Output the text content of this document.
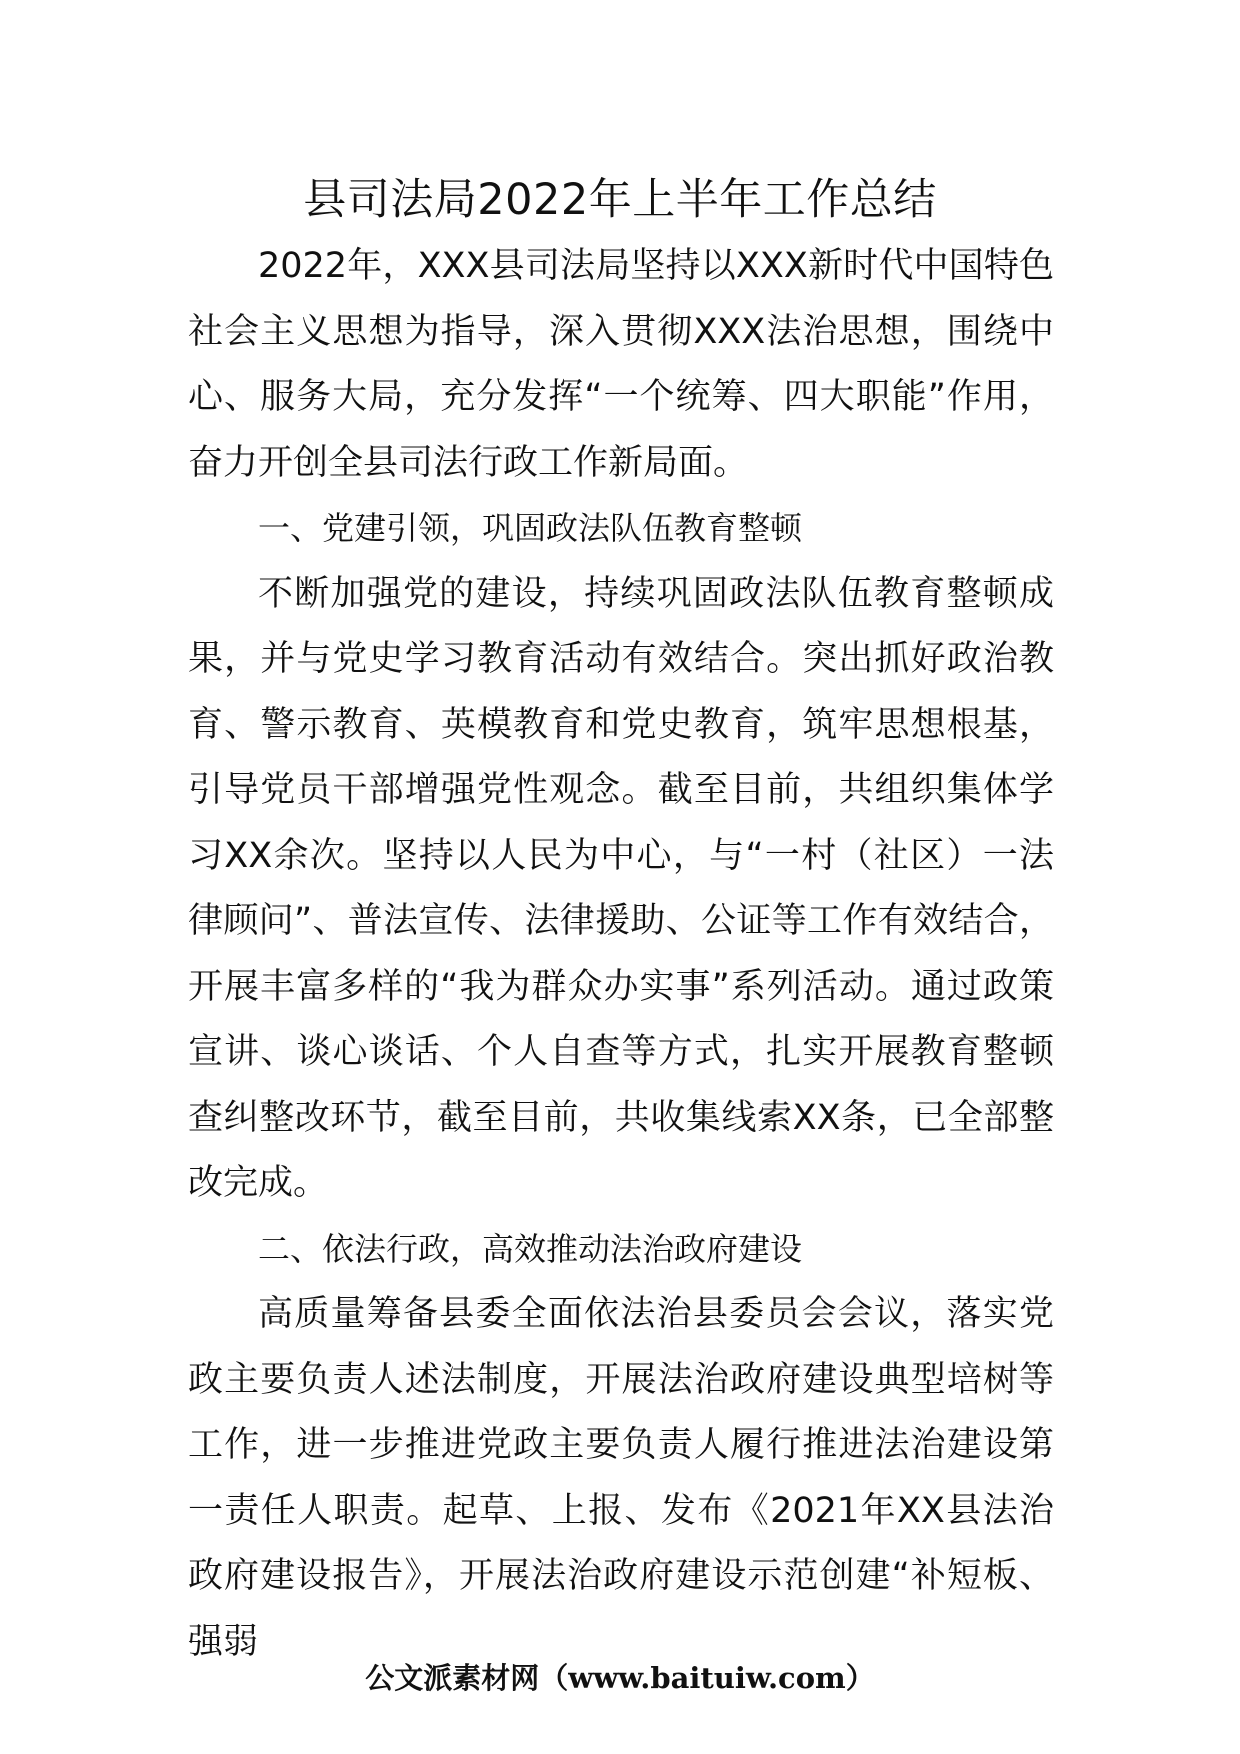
县司法局2022年上半年工作总结

2022年，XXX县司法局坚持以XXX新时代中国特色社会主义思想为指导，深入贯彻XXX法治思想，围绕中心、服务大局，充分发挥“一个统筹、四大职能”作用，奋力开创全县司法行政工作新局面。

一、党建引领，巩固政法队伍教育整顿

不断加强党的建设，持续巩固政法队伍教育整顿成果，并与党史学习教育活动有效结合。突出抓好政治教育、警示教育、英模教育和党史教育，筑牢思想根基，引导党员干部增强党性观念。截至目前，共组织集体学习XX余次。坚持以人民为中心，与“一村（社区）一法律顾问”、普法宣传、法律援助、公证等工作有效结合，开展丰富多样的“我为群众办实事”系列活动。通过政策宣讲、谈心谈话、个人自查等方式，扎实开展教育整顿查纠整改环节，截至目前，共收集线索XX条，已全部整改完成。

二、依法行政，高效推动法治政府建设

高质量筹备县委全面依法治县委员会会议，落实党政主要负责人述法制度，开展法治政府建设典型培树等工作，进一步推进党政主要负责人履行推进法治建设第一责任人职责。起草、上报、发布《2021年XX县法治政府建设报告》，开展法治政府建设示范创建“补短板、强弱

公文派素材网（www.baituiw.com）
